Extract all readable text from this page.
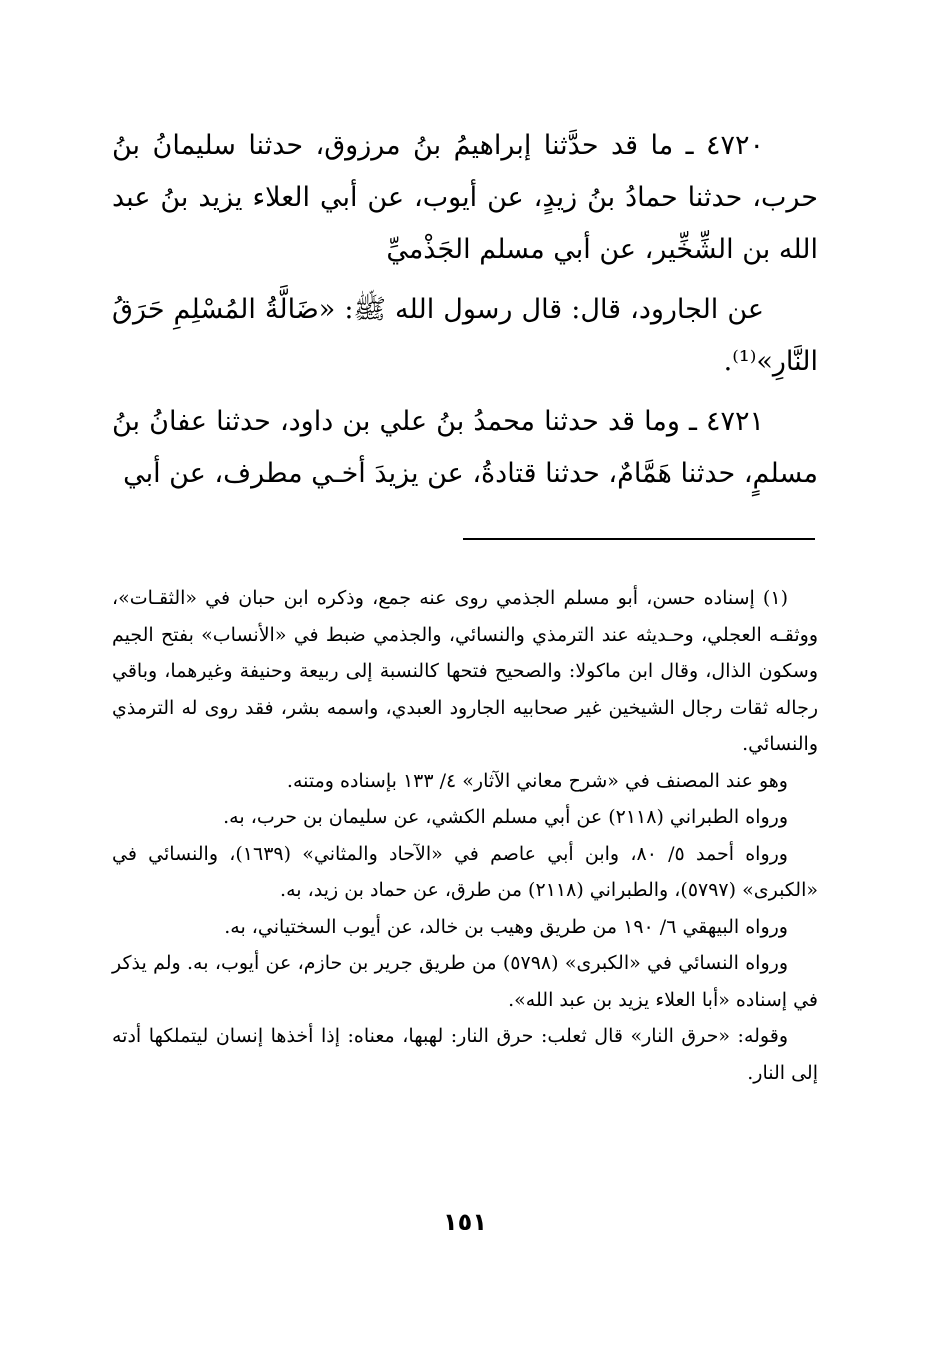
٤٧٢٠ ـ ما قد حدَّثنا إبراهيمُ بنُ مرزوق، حدثنا سليمانُ بنُ حرب، حدثنا حمادُ بنُ زيدٍ، عن أيوب، عن أبي العلاء يزيد بنُ عبد الله بن الشِّخِّير، عن أبي مسلم الجَذْميِّ

عن الجارود، قال: قال رسول الله ﷺ: «ضَالَّةُ المُسْلِمِ حَرَقُ النَّارِ»⁽¹⁾.

٤٧٢١ ـ وما قد حدثنا محمدُ بنُ علي بن داود، حدثنا عفانُ بنُ مسلمٍ، حدثنا هَمَّامٌ، حدثنا قتادةُ، عن يزيدَ أخـي مطرف، عن أبي

(١) إسناده حسن، أبو مسلم الجذمي روى عنه جمع، وذكره ابن حبان في «الثقـات»، ووثقـه العجلي، وحـديثه عند الترمذي والنسائي، والجذمي ضبط في «الأنساب» بفتح الجيم وسكون الذال، وقال ابن ماكولا: والصحيح فتحها كالنسبة إلى ربيعة وحنيفة وغيرهما، وباقي رجاله ثقات رجال الشيخين غير صحابيه الجارود العبدي، واسمه بشر، فقد روى له الترمذي والنسائي.

وهو عند المصنف في «شرح معاني الآثار» ٤/ ١٣٣ بإسناده ومتنه.

ورواه الطبراني (٢١١٨) عن أبي مسلم الكشي، عن سليمان بن حرب، به.

ورواه أحمد ٥/ ٨٠، وابن أبي عاصم في «الآحاد والمثاني» (١٦٣٩)، والنسائي في «الكبرى» (٥٧٩٧)، والطبراني (٢١١٨) من طرق، عن حماد بن زيد، به.

ورواه البيهقي ٦/ ١٩٠ من طريق وهيب بن خالد، عن أيوب السختياني، به.

ورواه النسائي في «الكبرى» (٥٧٩٨) من طريق جرير بن حازم، عن أيوب، به. ولم يذكر في إسناده «أبا العلاء يزيد بن عبد الله».

وقوله: «حرق النار» قال ثعلب: حرق النار: لهبها، معناه: إذا أخذها إنسان ليتملكها أدته إلى النار.

١٥١
